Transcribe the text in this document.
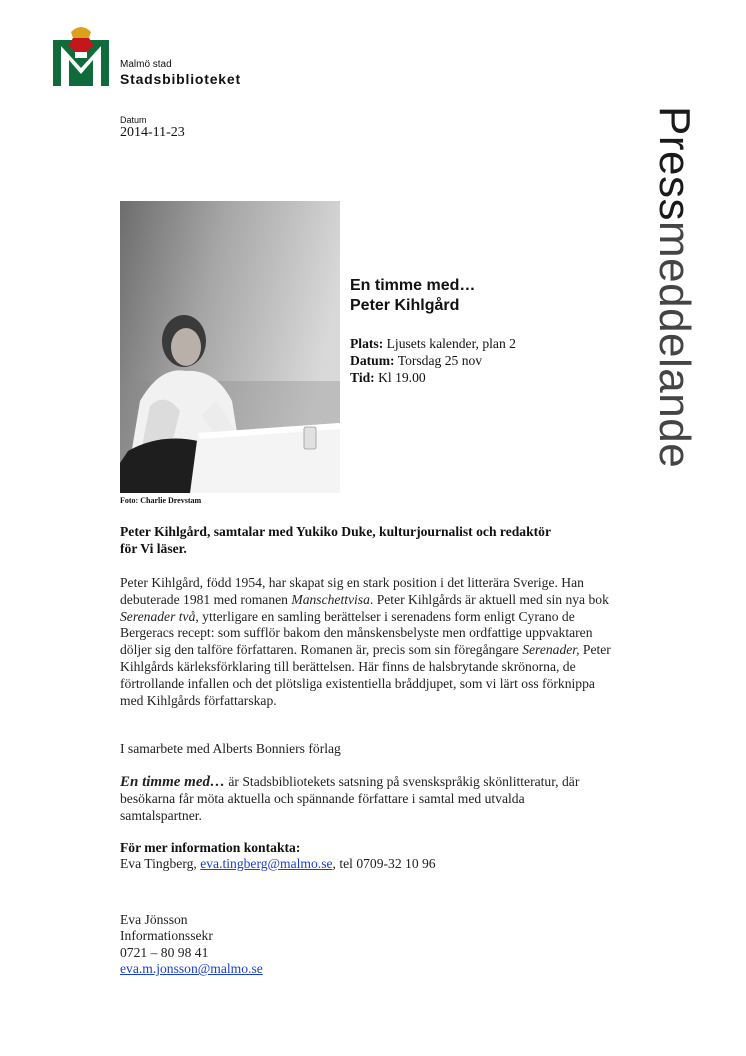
Malmö stad
Stadsbiblioteket
Datum
2014-11-23	Pressmeddelande
Foto: Charlie Drevstam
En timme med…
Peter Kihlgård
Plats: Ljusets kalender, plan 2
Datum: Torsdag 25 nov
Tid: Kl 19.00
Peter Kihlgård, samtalar med Yukiko Duke, kulturjournalist och redaktör för Vi läser.
Peter Kihlgård, född 1954, har skapat sig en stark position i det litterära Sverige. Han debuterade 1981 med romanen Manschettvisa. Peter Kihlgårds är aktuell med sin nya bok Serenader två, ytterligare en samling berättelser i serenadens form enligt Cyrano de Bergeracs recept: som sufflör bakom den månskensbelyste men ordfattige uppvaktaren döljer sig den talföre författaren. Romanen är, precis som sin föregångare Serenader, Peter Kihlgårds kärleksförklaring till berättelsen. Här finns de halsbrytande skrönorna, de förtrollande infallen och det plötsliga existentiella bråddjupet, som vi lärt oss förknippa med Kihlgårds författarskap.
I samarbete med Alberts Bonniers förlag
En timme med… är Stadsbibliotekets satsning på svenskspråkig skönlitteratur, där besökarna får möta aktuella och spännande författare i samtal med utvalda samtalspartner.
För mer information kontakta:
Eva Tingberg, eva.tingberg@malmo.se, tel 0709-32 10 96
Eva Jönsson
Informationssekr
0721 – 80 98 41
eva.m.jonsson@malmo.se
